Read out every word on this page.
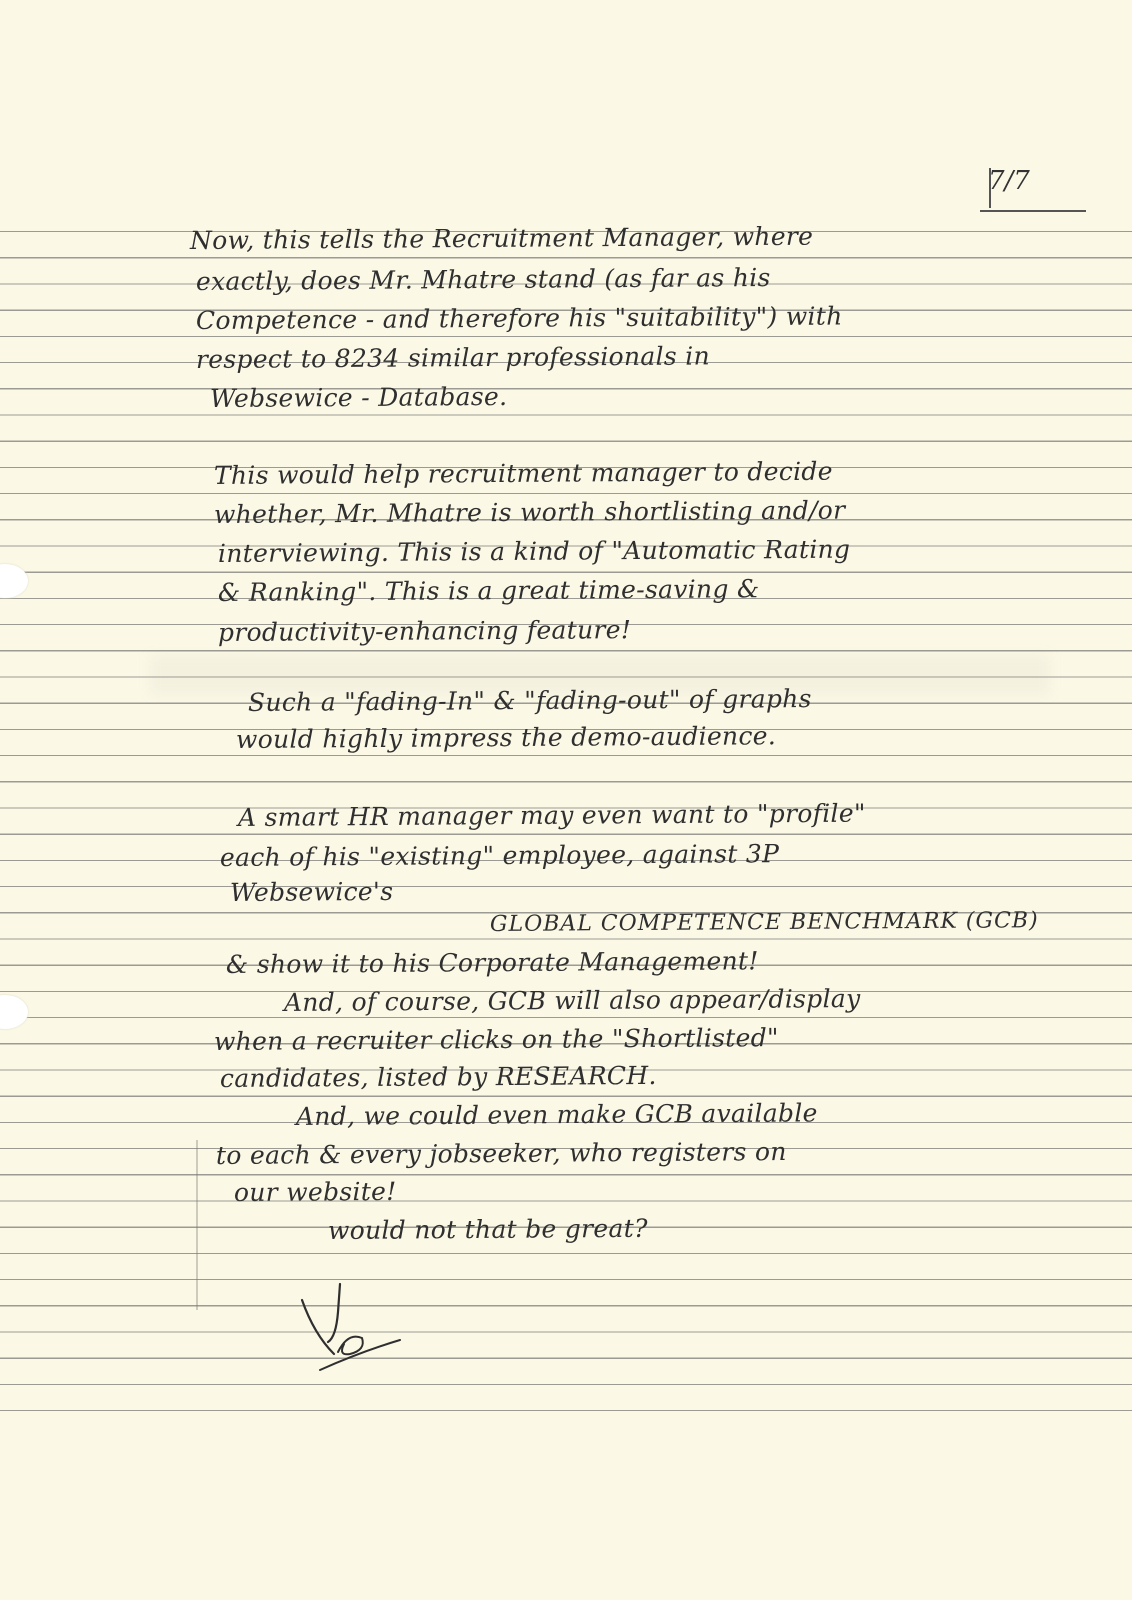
7/7

Now, this tells the Recruitment Manager, where

exactly, does Mr. Mhatre stand (as far as his

Competence - and therefore his "suitability") with

respect to 8234 similar professionals in

Websewice - Database.

This would help recruitment manager to decide

whether, Mr. Mhatre is worth shortlisting and/or

interviewing. This is a kind of "Automatic Rating

& Ranking". This is a great time-saving &

productivity-enhancing feature!

Such a "fading-In" & "fading-out" of graphs

would highly impress the demo-audience.

A smart HR manager may even want to "profile"

each of his "existing" employee, against 3P

Websewice's

GLOBAL COMPETENCE BENCHMARK (GCB)

& show it to his Corporate Management!

And, of course, GCB will also appear/display

when a recruiter clicks on the "Shortlisted"

candidates, listed by RESEARCH.

And, we could even make GCB available

to each & every jobseeker, who registers on

our website!

would not that be great?
